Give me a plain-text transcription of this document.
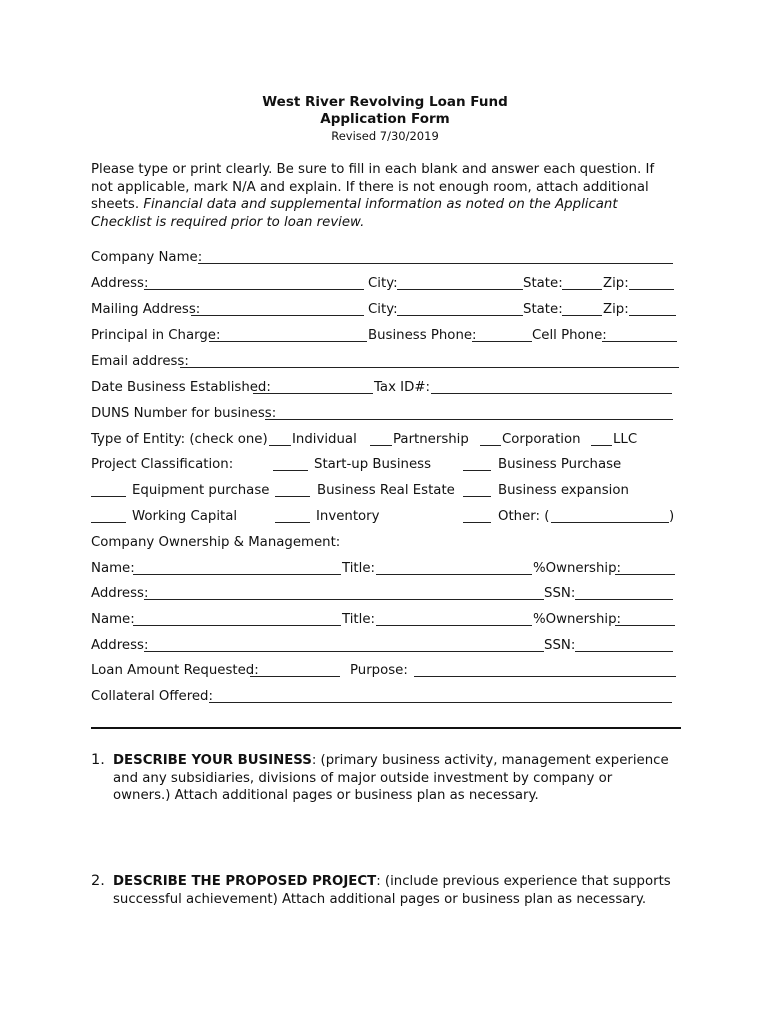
West River Revolving Loan Fund
Application Form
Revised 7/30/2019
Please type or print clearly. Be sure to fill in each blank and answer each question. If not applicable, mark N/A and explain. If there is not enough room, attach additional sheets. Financial data and supplemental information as noted on the Applicant Checklist is required prior to loan review.
Company Name:
Address:	City:	State:	Zip:
Mailing Address:	City:	State:	Zip:
Principal in Charge:	Business Phone:	Cell Phone:
Email address:
Date Business Established:	Tax ID#:
DUNS Number for business:
Type of Entity: (check one) Individual	Partnership Corporation LLC
Project Classification:	Start-up Business	Business Purchase
Equipment purchase	Business Real Estate	Business expansion
Working Capital	Inventory	Other: (	)
Company Ownership & Management:
Name:	Title:	%Ownership:
Address:	SSN:
Name:	Title:	%Ownership:
Address:	SSN:
Loan Amount Requested:	Purpose:
Collateral Offered:
1. DESCRIBE YOUR BUSINESS: (primary business activity, management experience and any subsidiaries, divisions of major outside investment by company or owners.) Attach additional pages or business plan as necessary.
2. DESCRIBE THE PROPOSED PROJECT: (include previous experience that supports successful achievement) Attach additional pages or business plan as necessary.
